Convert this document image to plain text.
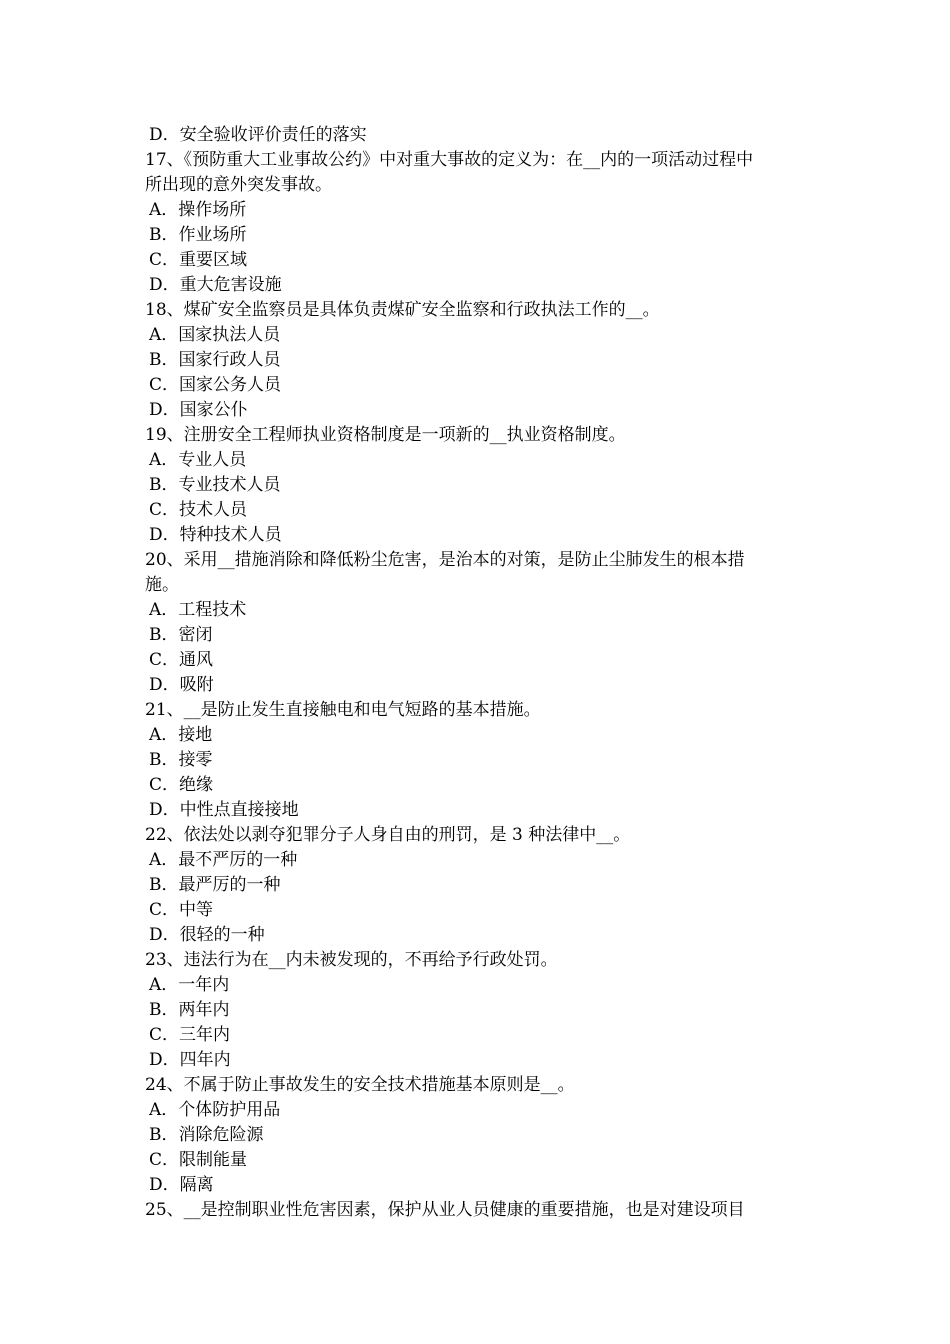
D．安全验收评价责任的落实
17、《预防重大工业事故公约》中对重大事故的定义为：在__内的一项活动过程中
所出现的意外突发事故。
A．操作场所
B．作业场所
C．重要区域
D．重大危害设施
18、煤矿安全监察员是具体负责煤矿安全监察和行政执法工作的__。
A．国家执法人员
B．国家行政人员
C．国家公务人员
D．国家公仆
19、注册安全工程师执业资格制度是一项新的__执业资格制度。
A．专业人员
B．专业技术人员
C．技术人员
D．特种技术人员
20、采用__措施消除和降低粉尘危害，是治本的对策，是防止尘肺发生的根本措
施。
A．工程技术
B．密闭
C．通风
D．吸附
21、__是防止发生直接触电和电气短路的基本措施。
A．接地
B．接零
C．绝缘
D．中性点直接接地
22、依法处以剥夺犯罪分子人身自由的刑罚，是 3 种法律中__。
A．最不严厉的一种
B．最严厉的一种
C．中等
D．很轻的一种
23、违法行为在__内未被发现的，不再给予行政处罚。
A．一年内
B．两年内
C．三年内
D．四年内
24、不属于防止事故发生的安全技术措施基本原则是__。
A．个体防护用品
B．消除危险源
C．限制能量
D．隔离
25、__是控制职业性危害因素，保护从业人员健康的重要措施，也是对建设项目
